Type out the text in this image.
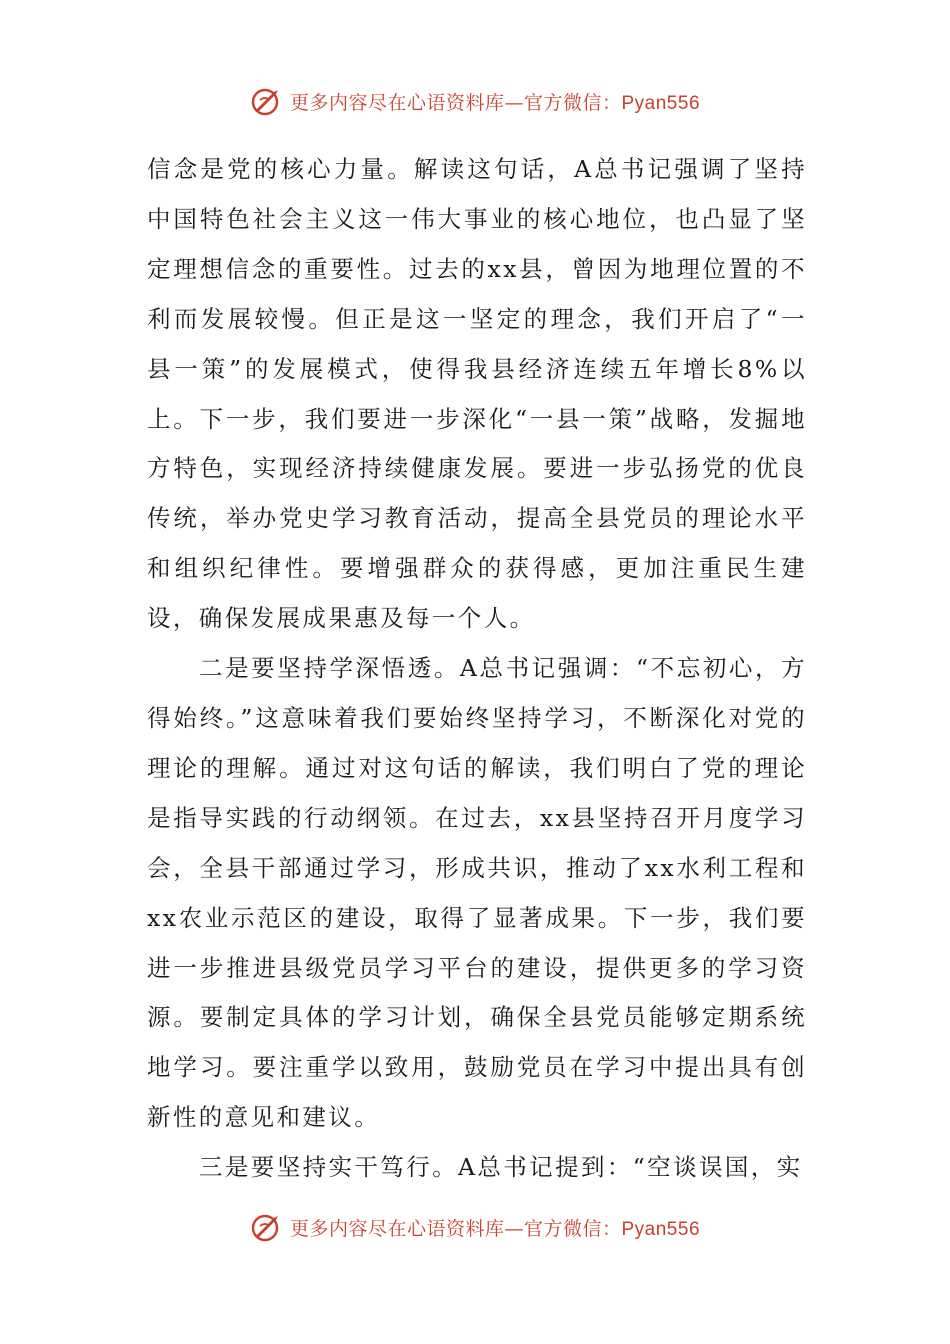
更多内容尽在心语资料库—官方微信：Pyan556

信念是党的核心力量。解读这句话，A总书记强调了坚持中国特色社会主义这一伟大事业的核心地位，也凸显了坚定理想信念的重要性。过去的xx县，曾因为地理位置的不利而发展较慢。但正是这一坚定的理念，我们开启了“一县一策”的发展模式，使得我县经济连续五年增长8%以上。下一步，我们要进一步深化“一县一策”战略，发掘地方特色，实现经济持续健康发展。要进一步弘扬党的优良传统，举办党史学习教育活动，提高全县党员的理论水平和组织纪律性。要增强群众的获得感，更加注重民生建设，确保发展成果惠及每一个人。

二是要坚持学深悟透。A总书记强调：“不忘初心，方得始终。”这意味着我们要始终坚持学习，不断深化对党的理论的理解。通过对这句话的解读，我们明白了党的理论是指导实践的行动纲领。在过去，xx县坚持召开月度学习会，全县干部通过学习，形成共识，推动了xx水利工程和xx农业示范区的建设，取得了显著成果。下一步，我们要进一步推进县级党员学习平台的建设，提供更多的学习资源。要制定具体的学习计划，确保全县党员能够定期系统地学习。要注重学以致用，鼓励党员在学习中提出具有创新性的意见和建议。

三是要坚持实干笃行。A总书记提到：“空谈误国，实

更多内容尽在心语资料库—官方微信：Pyan556
